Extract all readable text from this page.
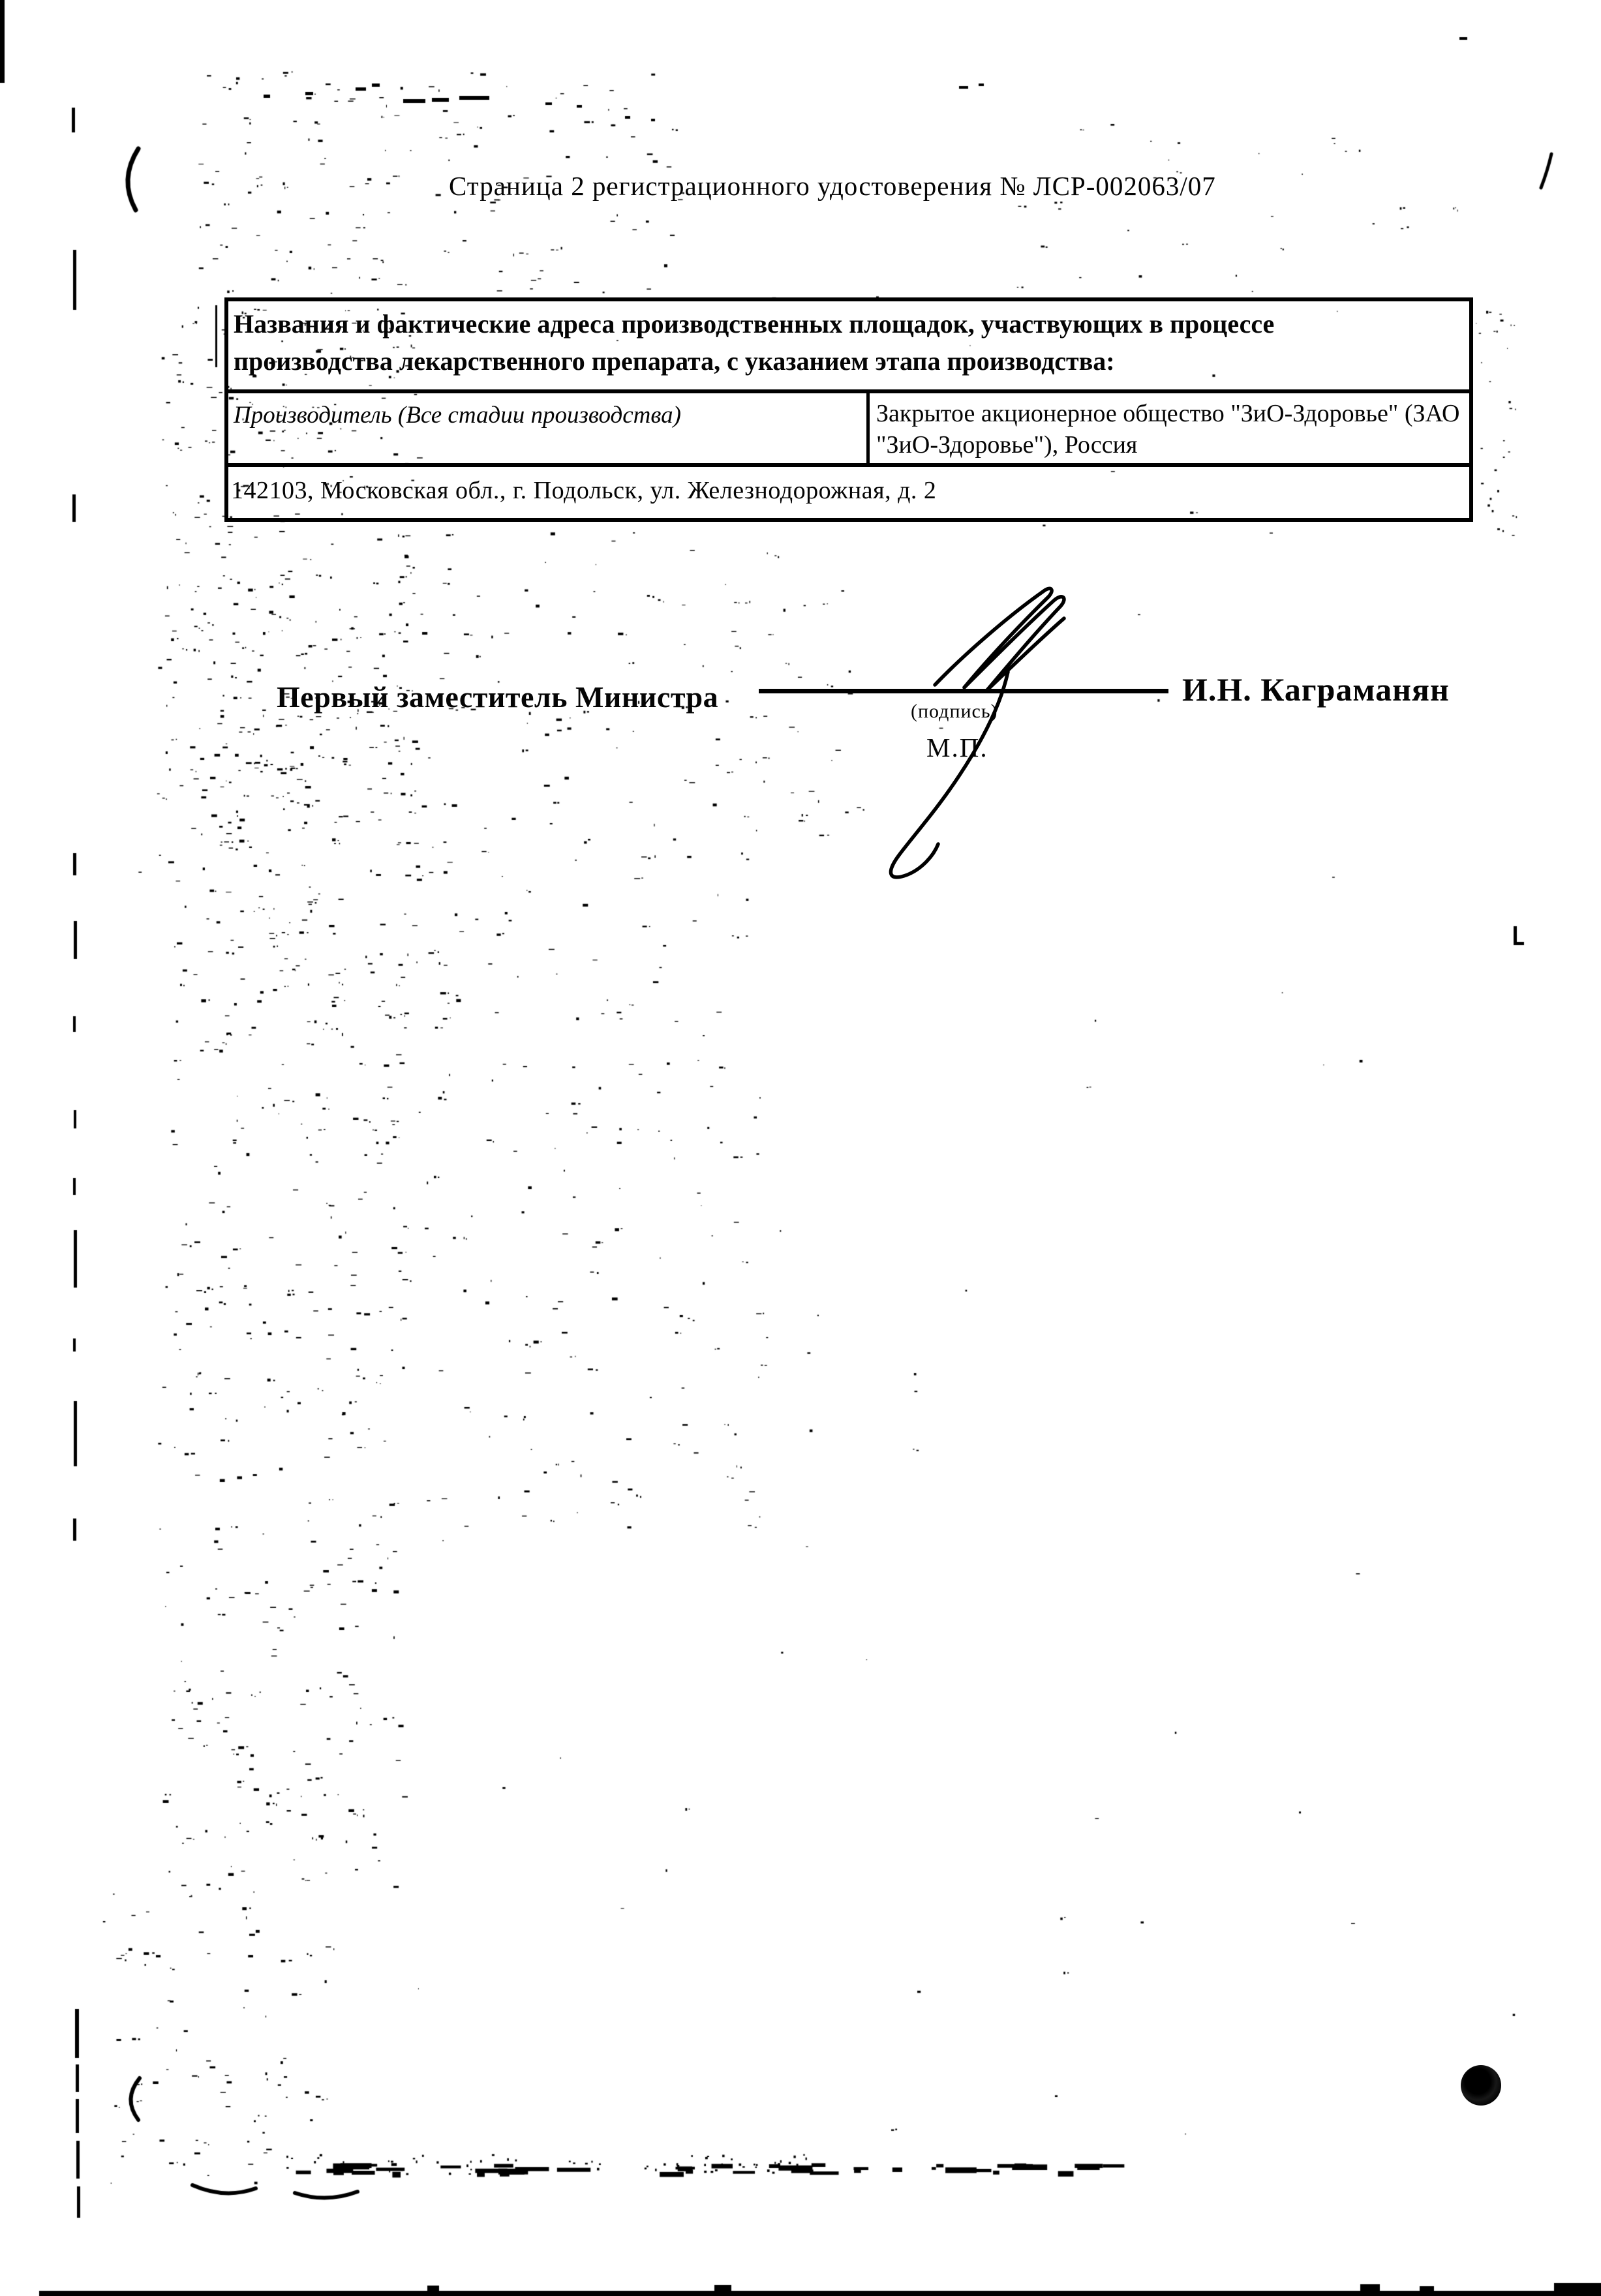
Страница 2 регистрационного удостоверения № ЛСР-002063/07
Названия и фактические адреса производственных площадок, участвующих в процессе производства лекарственного препарата, с указанием этапа производства:
Производитель (Все стадии производства)	Закрытое акционерное общество "ЗиО-Здоровье" (ЗАО "ЗиО-Здоровье"), Россия
142103, Московская обл., г. Подольск, ул. Железнодорожная, д. 2
Первый заместитель Министра	(подпись)
М.П.
И.Н. Каграманян
